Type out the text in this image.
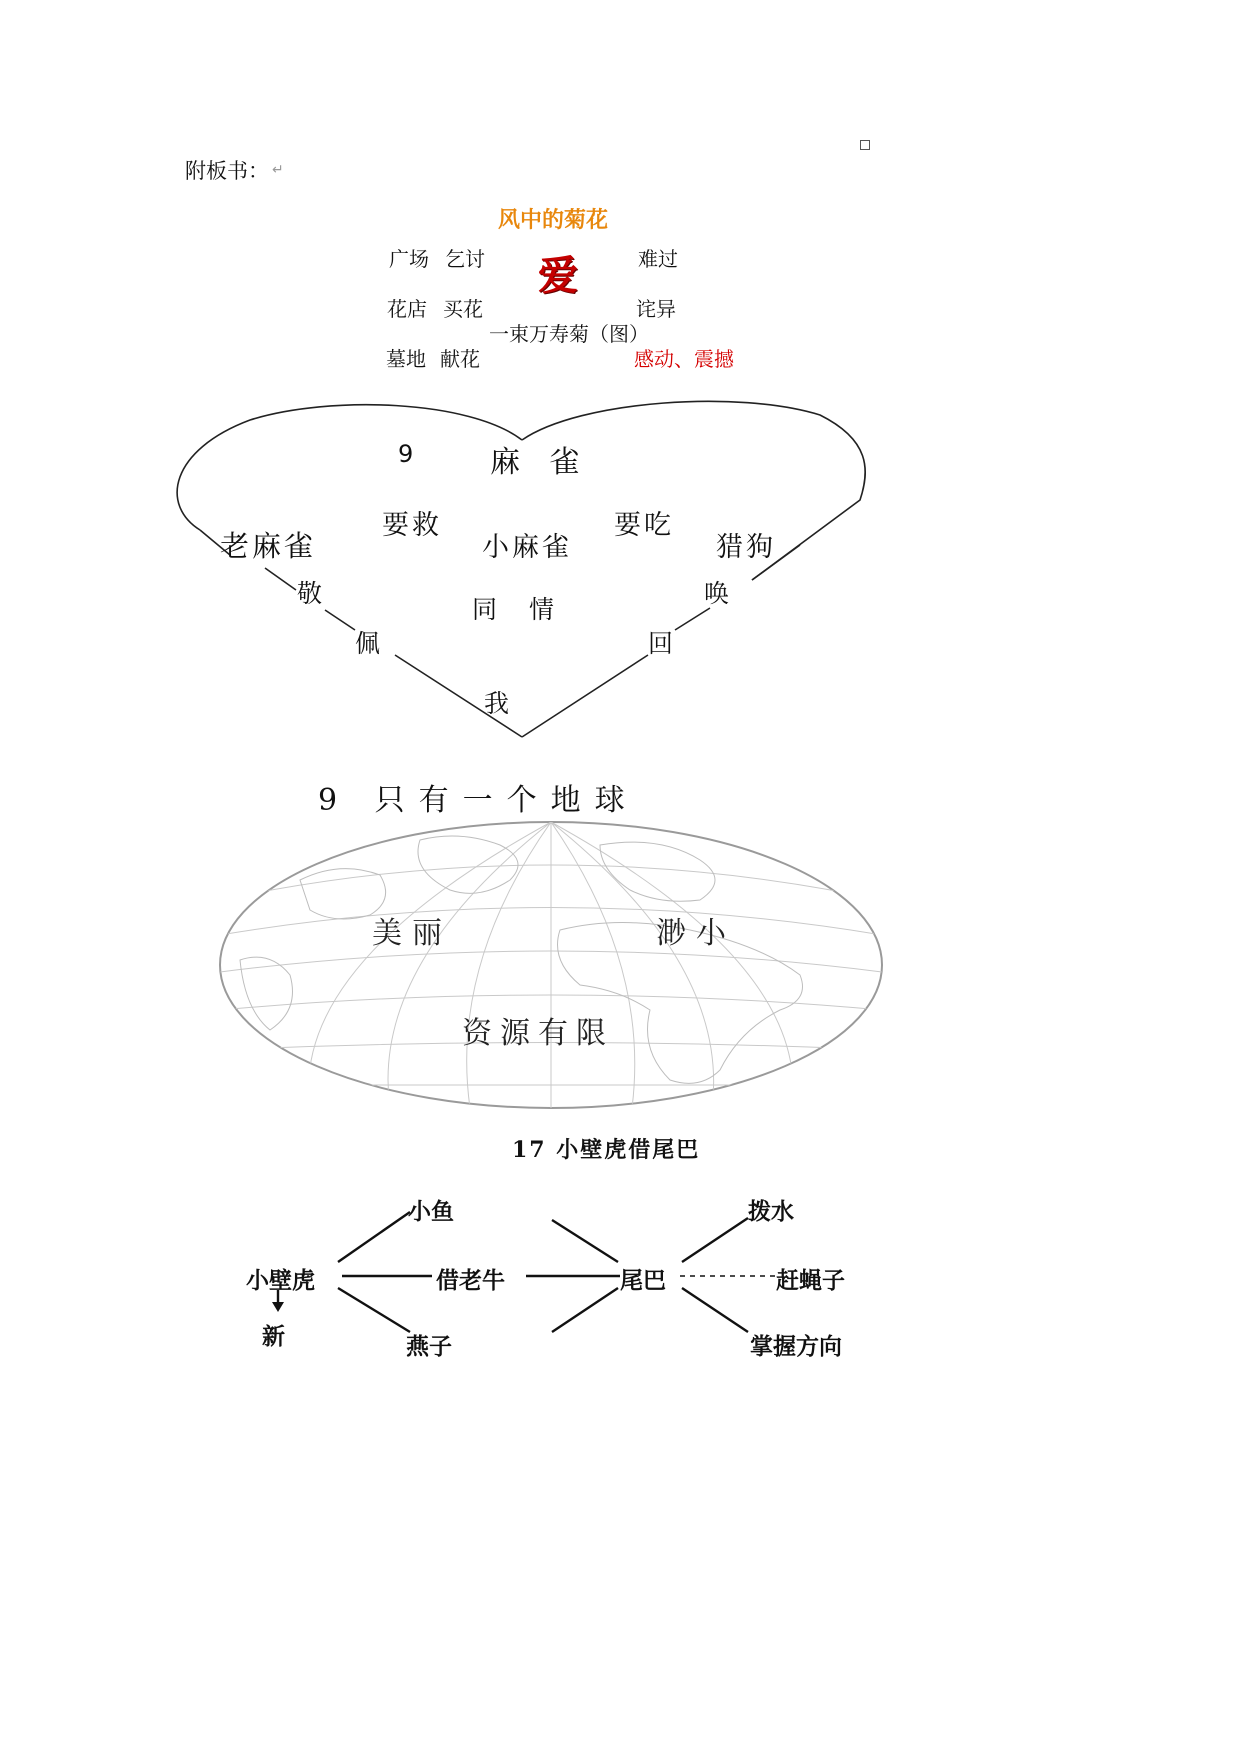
附板书： ↵
风中的菊花
爱
广场 乞讨
花店 买花
墓地 献花
一束万寿菊（图）
难过
诧异
感动、震撼
9 麻 雀
老麻雀
要救
小麻雀
要吃
猎狗
敬
佩
同 情
唤
回
我
9 只有一个地球
美丽	渺小
资源有限
17 小壁虎借尾巴
小鱼
小壁虎	借老牛
燕子
尾巴
拨水
赶蝇子
掌握方向
新
